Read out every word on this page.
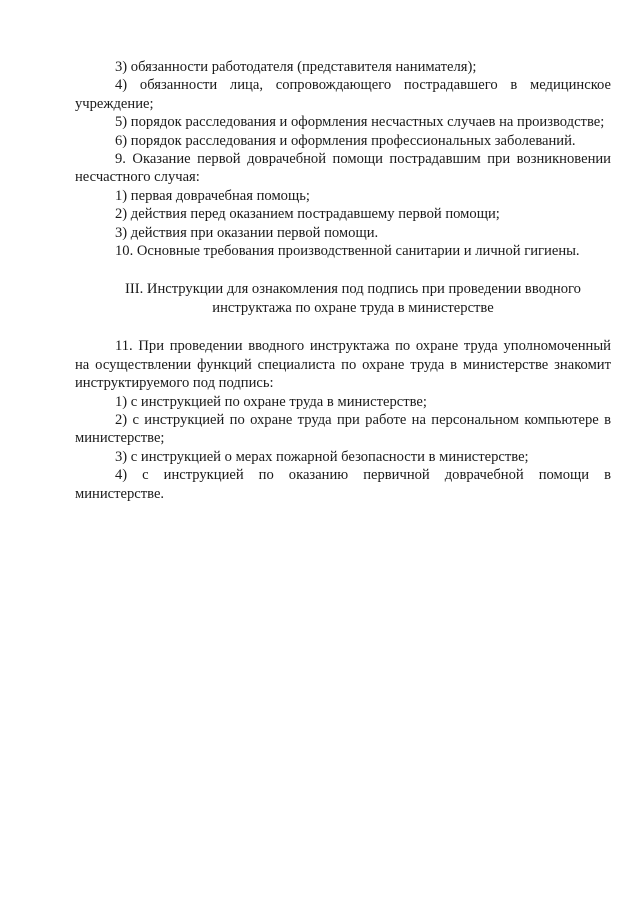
3) обязанности работодателя (представителя нанимателя);

4) обязанности лица, сопровождающего пострадавшего в медицинское учреждение;

5) порядок расследования и оформления несчастных случаев на производстве;

6) порядок расследования и оформления профессиональных заболеваний.

9. Оказание первой доврачебной помощи пострадавшим при возникновении несчастного случая:

1) первая доврачебная помощь;

2) действия перед оказанием пострадавшему первой помощи;

3) действия при оказании первой помощи.

10. Основные требования производственной санитарии и личной гигиены.

III. Инструкции для ознакомления под подпись при проведении вводного инструктажа по охране труда в министерстве

11. При проведении вводного инструктажа по охране труда уполномоченный на осуществлении функций специалиста по охране труда в министерстве знакомит инструктируемого под подпись:

1) с инструкцией по охране труда в министерстве;

2) с инструкцией по охране труда при работе на персональном компьютере в министерстве;

3) с инструкцией о мерах пожарной безопасности в министерстве;

4) с инструкцией по оказанию первичной доврачебной помощи в министерстве.
